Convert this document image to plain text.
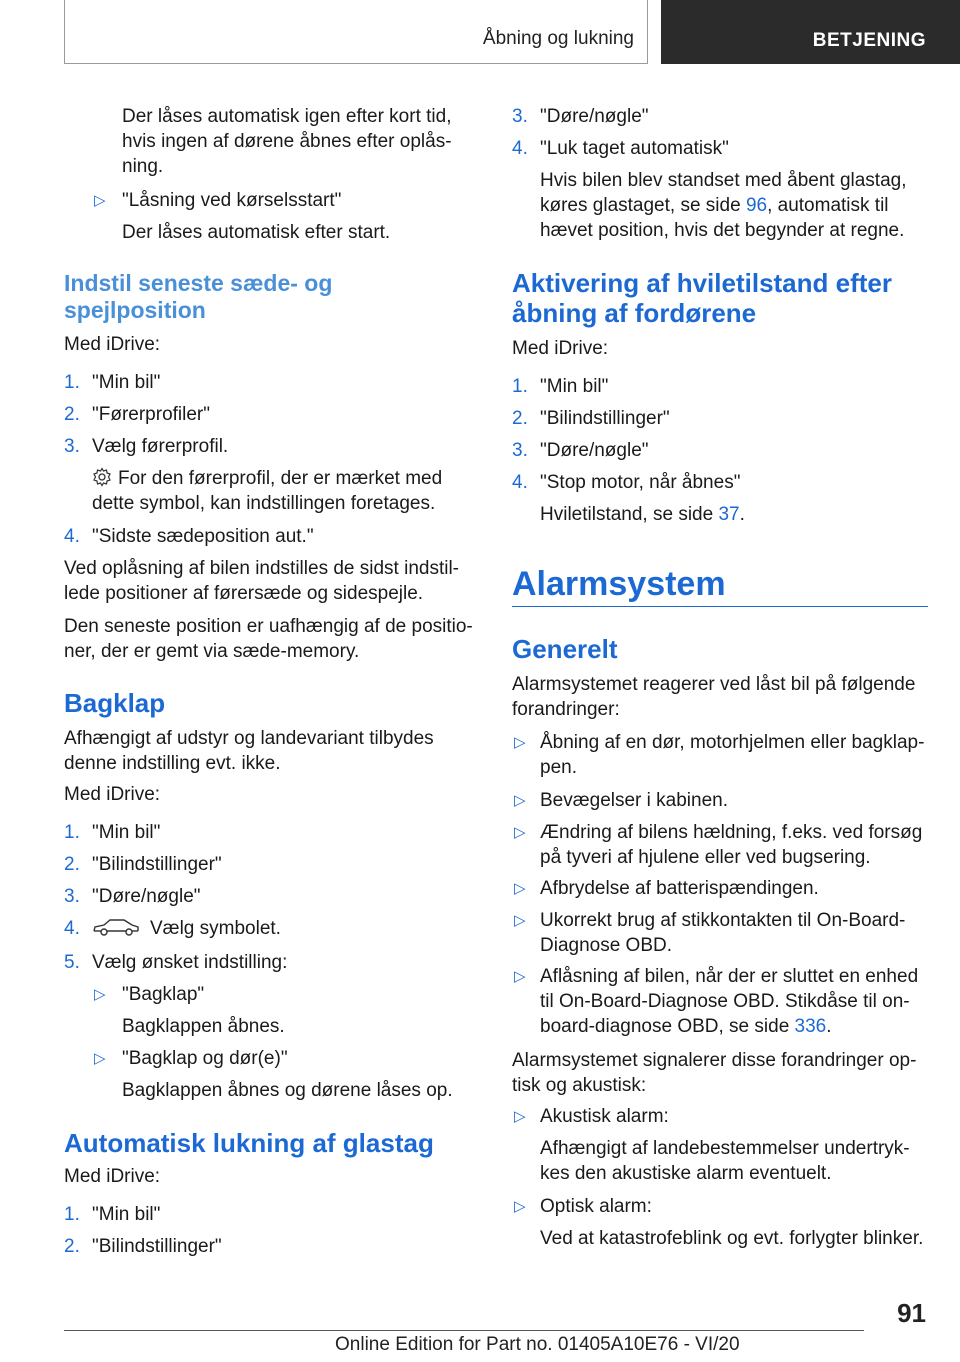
Åbning og lukning	BETJENING
Der låses automatisk igen efter kort tid, hvis ingen af dørene åbnes efter oplås-ning.
▷ "Låsning ved kørselsstart"
Der låses automatisk efter start.
Indstil seneste sæde- og spejlposition
Med iDrive:
1. "Min bil"
2. "Førerprofiler"
3. Vælg førerprofil.
For den førerprofil, der er mærket med dette symbol, kan indstillingen foretages.
4. "Sidste sædeposition aut."
Ved oplåsning af bilen indstilles de sidst indstil-lede positioner af førersæde og sidespejle.
Den seneste position er uafhængig af de positio-ner, der er gemt via sæde-memory.
Bagklap
Afhængigt af udstyr og landevariant tilbydes denne indstilling evt. ikke.
Med iDrive:
1. "Min bil"
2. "Bilindstillinger"
3. "Døre/nøgle"
4.	Vælg symbolet.
5. Vælg ønsket indstilling:
▷ "Bagklap"
Bagklappen åbnes.
▷ "Bagklap og dør(e)"
Bagklappen åbnes og dørene låses op.
Automatisk lukning af glastag
Med iDrive:
1. "Min bil"
2. "Bilindstillinger"
3. "Døre/nøgle"
4. "Luk taget automatisk"
Hvis bilen blev standset med åbent glastag, køres glastaget, se side 96, automatisk til hævet position, hvis det begynder at regne.
Aktivering af hviletilstand efter åbning af fordørene
Med iDrive:
1. "Min bil"
2. "Bilindstillinger"
3. "Døre/nøgle"
4. "Stop motor, når åbnes"
Hviletilstand, se side 37.
Alarmsystem
Generelt
Alarmsystemet reagerer ved låst bil på følgende forandringer:
▷ Åbning af en dør, motorhjelmen eller bagklap-pen.
▷ Bevægelser i kabinen.
▷ Ændring af bilens hældning, f.eks. ved forsøg på tyveri af hjulene eller ved bugsering.
▷ Afbrydelse af batterispændingen.
▷ Ukorrekt brug af stikkontakten til On-Board-Diagnose OBD.
▷ Aflåsning af bilen, når der er sluttet en enhed til On-Board-Diagnose OBD. Stikdåse til on-board-diagnose OBD, se side 336.
Alarmsystemet signalerer disse forandringer op-tisk og akustisk:
▷ Akustisk alarm:
Afhængigt af landebestemmelser undertryk-kes den akustiske alarm eventuelt.
▷ Optisk alarm:
Ved at katastrofeblink og evt. forlygter blinker.
91
Online Edition for Part no. 01405A10E76 - VI/20
